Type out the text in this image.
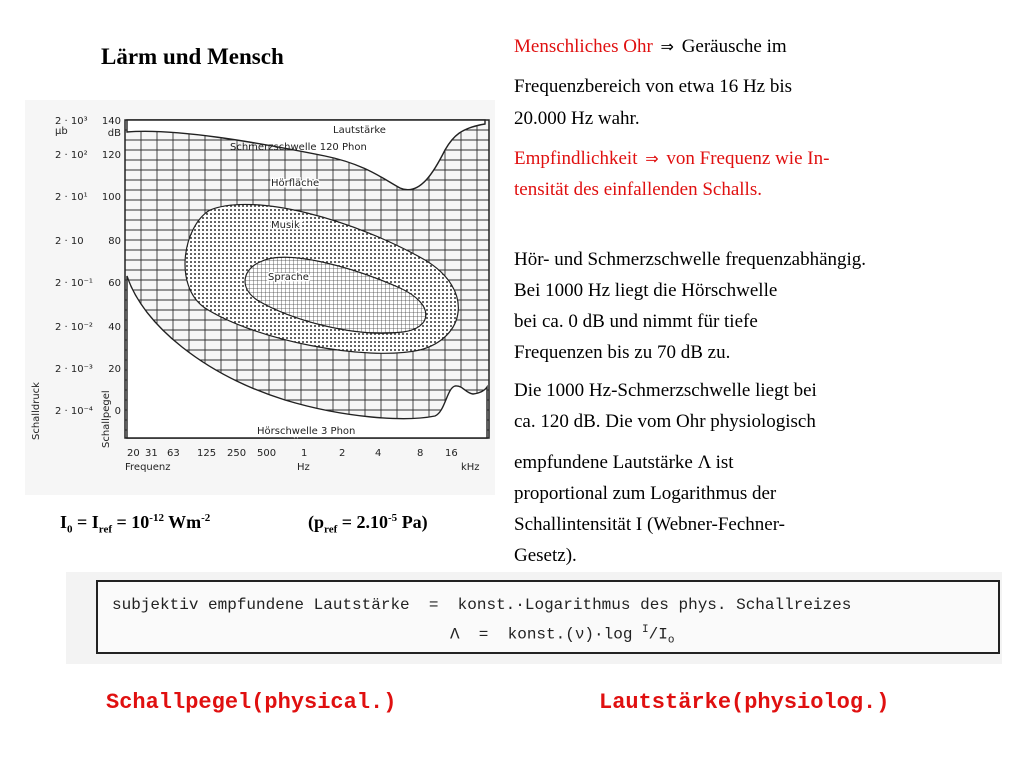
Lärm und Mensch
2 · 10³
μb
2 · 10²
2 · 10¹
2 · 10
2 · 10⁻¹
2 · 10⁻²
2 · 10⁻³
2 · 10⁻⁴
140
dB
120
100
80
60
40
20
0
20 31 63 125 250 500 1	2	4	8 16
Lautstärke
Schmerzschwelle 120 Phon
Hörfläche
Musik
Sprache
Hörschwelle 3 Phon
Schalldruck	Schallpegel
Frequenz	Hz	kHz
$I_0 = I_{ref} = 10^{-12}$ $Wm^{-2}$	($p_{ref} = 2.10^{-5}$ Pa)
Menschliches Ohr ⇒ Geräusche im
Frequenzbereich von etwa 16 Hz bis
20.000 Hz wahr.
Empfindlichkeit ⇒ von Frequenz wie In-
tensität des einfallenden Schalls.
Hör- und Schmerzschwelle frequenzabhängig.
Bei 1000 Hz liegt die Hörschwelle
bei ca. 0 dB und nimmt für tiefe
Frequenzen bis zu 70 dB zu.
Die 1000 Hz-Schmerzschwelle liegt bei
ca. 120 dB. Die vom Ohr physiologisch
empfundene Lautstärke Λ ist
proportional zum Logarithmus der
Schallintensität I (Webner-Fechner-
Gesetz).
subjektiv empfundene Lautstärke  =  konst.·Logarithmus des phys. Schallreizes
Λ  =  konst.(ν)·log $^I/I_o$
Schallpegel(physical.)	Lautstärke(physiolog.)
